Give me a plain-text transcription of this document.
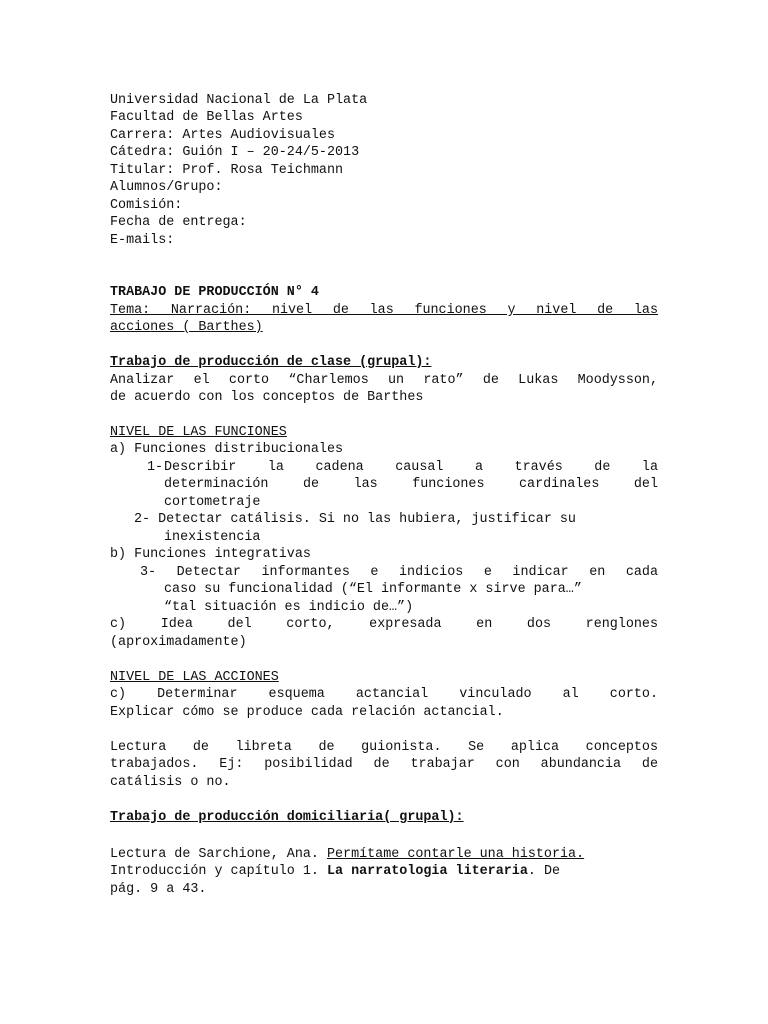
Universidad Nacional de La Plata
Facultad de Bellas Artes
Carrera: Artes Audiovisuales
Cátedra: Guión I – 20-24/5-2013
Titular: Prof. Rosa Teichmann
Alumnos/Grupo:
Comisión:
Fecha de entrega:
E-mails:
TRABAJO DE PRODUCCIÓN N° 4
Tema: Narración: nivel de las funciones y nivel de las
acciones ( Barthes)
Trabajo de producción de clase (grupal):
Analizar el corto “Charlemos un rato” de Lukas Moodysson,
de acuerdo con los conceptos de Barthes
NIVEL DE LAS FUNCIONES
a) Funciones distribucionales
1- Describir la cadena causal a través de la
determinación de las funciones cardinales del
cortometraje
2- Detectar catálisis. Si no las hubiera, justificar su
inexistencia
b) Funciones integrativas
3- Detectar informantes e indicios e indicar en cada
caso su funcionalidad (“El informante x sirve para…”
“tal situación es indicio de…”)
c) Idea del corto, expresada en dos renglones
(aproximadamente)
NIVEL DE LAS ACCIONES
c) Determinar esquema actancial vinculado al corto.
Explicar cómo se produce cada relación actancial.
Lectura de libreta de guionista. Se aplica conceptos
trabajados. Ej: posibilidad de trabajar con abundancia de
catálisis o no.
Trabajo de producción domiciliaria( grupal):
Lectura de Sarchione, Ana. Permítame contarle una historia.
Introducción y capítulo 1. La narratologia literaria. De
pág. 9 a 43.
